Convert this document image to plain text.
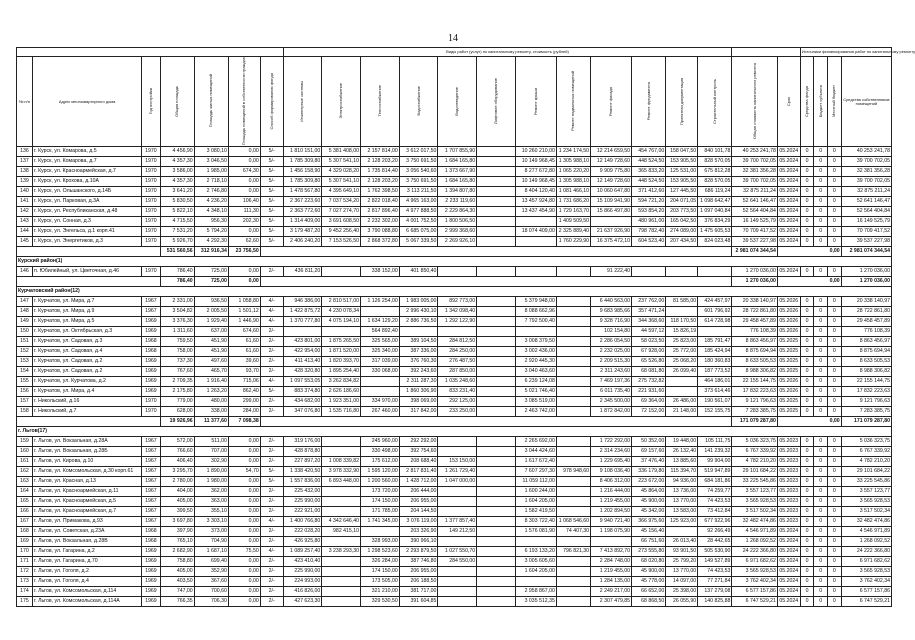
14
							Виды работ (услуг) по капитальному ремонту, стоимость (рублей)														Источники финансирования работ по капитальному ремонту			
№ п/п	Адрес многоквартирного дома	Год постройки	Общая площадь	Площадь жилых помещений	Площадь помещений в собственности граждан	Способ формирования фонда	Инженерные системы	Электроснабжение	Теплоснабжение	Водоснабжение	Водоотведение	Лифтовое оборудование	Ремонт крыши	Ремонт подвальных помещений	Ремонт фасада	Ремонт фундамента	Проектная документация	Строительный контроль	Общая стоимость капитального ремонта	Срок	Средства фонда	Бюджет субъекта	Местный бюджет	Средства собственников помещений
136	г. Курск, ул. Комарова, д.5	1970	4 456,90	3 080,10	0,00	5/-	1 810 151,00	5 381 408,00	2 157 814,00	3 612 017,50	1 707 855,90		10 260 210,00	1 234 174,50	12 214 659,50	454 767,00	158 047,50	840 101,78	40 253 241,78	05.2024	0	0	0	40 253 241,78
137	г. Курск, ул. Комарова, д.7	1970	4 357,30	3 046,50	0,00	5/-	1 785 309,80	5 307 541,10	2 128 203,20	3 750 691,50	1 684 165,80		10 149 968,45	1 305 988,10	12 149 728,60	448 524,50	153 905,50	828 570,05	39 700 702,05	05.2024	0	0	0	39 700 702,05
138	г. Курск, ул. Красноармейская, д.7	1970	3 586,00	1 985,00	674,30	5/-	1 456 158,90	4 329 028,20	1 735 814,40	3 056 540,60	1 373 667,90		8 277 672,80	1 065 220,20	9 909 775,80	365 833,20	125 531,00	675 812,28	32 381 356,28	05.2024	0	0	0	32 381 356,28
139	г. Курск, ул. Крохова, д.10А	1970	4 357,30	2 718,10	0,00	5/-	1 785 309,80	5 307 541,10	2 128 203,20	3 750 691,50	1 684 165,80		10 149 968,45	1 305 988,10	12 149 728,60	448 524,50	153 905,50	828 570,05	39 700 702,05	05.2024	0	0	0	39 700 702,05
140	г. Курск, ул. Ольшанского, д.14Б	1970	3 641,20	2 746,80	0,00	5/-	1 478 567,80	4 395 649,10	1 762 398,50	3 113 211,50	1 394 807,80		8 404 120,40	1 081 466,10	10 060 647,80	371 412,60	127 445,50	686 119,24	32 875 211,24	05.2024	0	0	0	32 875 211,24
141	г. Курск, ул. Парковая, д.3А	1970	5 830,50	4 236,20	106,40	5/-	2 367 223,60	7 037 534,20	2 822 018,40	4 965 163,00	2 233 119,60		13 457 924,80	1 731 686,20	15 109 941,90	594 721,20	204 071,05	1 098 642,47	52 641 146,47	05.2024	0	0	0	52 641 146,47
142	г. Курск, ул. Республиканская, д.48	1970	5 822,10	4 348,10	111,30	5/-	2 363 772,60	7 027 274,70	2 817 896,40	4 977 888,50	2 229 864,30		13 437 454,90	1 729 163,70	15 866 497,80	593 854,20	203 773,50	1 097 040,84	52 564 404,84	05.2024	0	0	0	52 564 404,84
143	г. Курск, ул. Сонная, д.3	1970	4 715,50	956,30	202,30	5/-	1 314 409,00	3 691 608,50	2 232 302,00	4 001 752,50	1 800 506,50			1 409 509,50		480 961,00	165 042,50	376 834,29	16 149 525,79	05.2024	0	0	0	16 149 525,79
144	г. Курск, ул. Энгельса, д.1 корп.41	1970	7 531,20	5 794,20	0,00	5/-	3 179 487,20	9 452 256,40	3 790 088,80	6 685 075,00	2 999 368,60		18 074 409,00	2 325 889,40	21 637 926,90	798 782,40	274 089,00	1 475 605,53	70 709 417,52	05.2024	0	0	0	70 709 417,52
145	г. Курск, ул. Энергетиков, д.3	1970	5 926,70	4 292,30	62,60	5/-	2 406 240,20	7 153 526,50	2 868 372,80	5 067 339,50	2 269 926,10			1 760 229,90	16 375 472,10	604 523,40	207 434,50	824 023,48	39 537 227,98	05.2024	0	0	0	39 537 227,98
			531 560,56	312 916,34	23 756,50														2 981 074 344,54	0,00				2 981 074 344,54
Курский район(1)																								
146	п. Юбилейный, ул. Цветочная, д.46	1970	786,40	725,00	0,00	2/-	436 811,20		338 152,00	401 850,40					91 222,40				1 270 036,00	05.2024	0	0	0	1 270 036,00
			786,40	725,00	0,00														1 270 036,00	0,00				1 270 036,00
Курчатовский район(12)																								
147	г. Курчатов, ул. Мира, д.7	1967	2 331,00	936,50	1 058,80	4/-	946 386,00	2 810 517,00	1 126 254,00	1 983 005,00	892 773,00		5 379 948,00		6 440 563,00	237 762,00	81 585,00	424 457,97	20 338 140,97	05.2026	0	0	0	20 338 140,97
148	г. Курчатов, ул. Мира, д.9	1967	3 504,82	2 005,50	1 501,12	4/-	1 422 875,72	4 230 078,34		2 996 430,10	1 342 098,40		8 088 662,96		9 683 985,66	357 471,24		601 796,92	28 722 861,80	05.2026	0	0	0	28 722 861,80
149	г. Курчатов, ул. Мира, д.5	1969	3 376,30	1 929,40	1 446,90	4/-	1 370 777,80	4 075 194,10	1 634 129,20	2 886 736,50	1 292 122,90		7 792 500,40		9 328 716,90	344 368,60	118 170,50	614 728,98	29 458 457,89	05.2026	0	0	0	29 458 457,89
150	г. Курчатов, ул. Октябрьская, д.3	1969	1 311,60	637,00	674,60	2/-			564 892,40						102 154,80	44 597,12	15 826,19		776 108,39	05.2026	0	0	0	776 108,39
151	г. Курчатов, ул. Садовая, д.3	1968	759,50	451,90	61,60	2/-	423 801,00	1 875 265,50	325 565,00	389 104,50	284 812,50		3 008 379,50		2 286 054,50	58 023,50	25 823,00	185 791,47	8 863 456,97	05.2025	0	0	0	8 863 456,97
152	г. Курчатов, ул. Садовая, д.4	1968	758,00	451,90	61,60	2/-	422 954,00	1 871 520,00	325 340,00	387 336,00	284 250,00		3 002 436,00		2 232 025,00	67 928,00	25 772,00	185 424,94	8 875 694,94	05.2025	0	0	0	8 875 694,94
153	г. Курчатов, ул. Садовая, д.2	1969	737,30	497,60	39,60	2/-	411 413,40	1 820 393,70	317 039,00	376 760,30	276 487,50		2 920 445,30		2 209 515,30	65 526,80	25 068,20	180 360,83	8 633 505,53	05.2025	0	0	0	8 633 505,53
154	г. Курчатов, ул. Садовая, д.2	1969	767,60	465,70	93,70	2/-	428 320,80	1 895 254,40	330 068,00	392 243,60	287 850,00		3 040 463,60		2 311 243,60	68 081,80	26 099,40	187 773,52	8 988 306,82	05.2025	0	0	0	8 988 306,82
155	г. Курчатов, ул. Курчатова, д.2	1969	2 709,35	1 916,40	715,06	4/-	1 097 553,05	3 262 834,82		2 311 287,30	1 035 248,60		6 239 124,08		7 469 197,36	275 732,82		464 186,01	22 155 144,75	05.2026	0	0	0	22 155 144,75
156	г. Курчатов, ул. Мира, д.4	1969	2 175,80	1 263,20	862,40	5/-	883 374,80	2 626 186,60		1 860 306,90	833 231,40		5 021 746,40		6 011 735,40	221 931,60		373 614,46	17 832 223,63	05.2026	0	0	0	17 832 223,63
157	г. Никольский, д.16	1970	779,00	480,00	299,00	2/-	434 682,00	1 923 351,00	334 970,00	398 069,00	292 125,00		3 085 519,00		2 345 500,00	69 364,00	26 486,00	190 561,07	9 121 796,63	05.2025	0	0	0	9 121 796,63
158	г. Никольский, д.7	1970	628,00	338,00	284,00	2/-	347 076,80	1 535 716,80	267 460,00	317 842,00	233 250,00		2 463 742,00		1 872 842,00	72 152,00	21 148,00	152 155,75	7 283 385,75	05.2025	0	0	0	7 283 385,75
			19 926,96	11 377,60	7 098,38														171 079 287,80	0,00				171 079 287,80
г. Льгов(17)																								
159	г. Льгов, ул. Вокзальная, д.28А	1967	572,00	511,00	0,00	2/-	319 176,00		245 960,00	292 292,00			2 265 692,00		1 722 292,00	50 352,00	19 448,00	105 111,75	5 036 323,75	05.2023	0	0	0	5 036 323,75
160	г. Льгов, ул. Вокзальная, д.28Б	1967	766,60	707,00	0,00	2/-	428 878,80		330 498,00	392 754,60			3 044 424,60		2 314 234,60	69 157,60	26 132,40	141 239,32	6 767 339,92	05.2023	0	0	0	6 767 339,92
161	г. Льгов, ул. Кирова, д.10	1967	406,40	302,90	0,00	2/-	227 897,20	1 008 339,82	175 612,00	208 688,40	153 150,00		1 617 672,40		1 229 695,40	37 476,40	13 885,60	99 904,00	4 782 210,20	05.2023	0	0	0	4 782 210,20
162	г. Льгов, ул. Комсомольская, д.30 корп.61	1967	3 295,70	1 890,00	54,70	5/-	1 338 420,50	3 978 332,90	1 595 120,00	2 817 831,40	1 261 729,40		7 607 297,30	978 948,60	9 108 036,40	336 179,80	115 394,70	519 947,89	29 101 684,22	05.2023	0	0	0	29 101 684,22
163	г. Льгов, ул. Красная, д.13	1967	2 780,00	1 980,00	0,00	5/-	1 557 836,00	6 893 448,00	1 200 560,00	1 428 712,00	1 047 000,00		11 059 112,00		8 406 312,00	223 672,00	94 936,00	684 181,86	33 225 545,86	05.2023	0	0	0	33 225 545,86
164	г. Льгов, ул. Красноармейская, д.11	1967	404,00	362,00	0,00	2/-	225 432,00		173 720,00	206 444,00			1 600 244,00		1 216 444,00	45 864,00	13 736,00	74 259,77	3 557 123,77	05.2023	0	0	0	3 557 123,77
165	г. Льгов, ул. Красноармейская, д.5	1967	405,00	363,00	0,00	2/-	225 990,00		174 150,00	206 955,00			1 604 205,00		1 219 455,00	45 900,00	13 770,00	74 423,53	3 565 928,53	05.2023	0	0	0	3 565 928,53
166	г. Льгов, ул. Красноармейская, д.7	1967	399,50	355,10	0,00	2/-	222 921,00		171 785,00	204 144,50			1 582 419,50		1 202 894,50	45 342,00	13 583,00	73 412,84	3 517 502,34	05.2023	0	0	0	3 517 502,34
167	г. Льгов, ул. Примакова, д.93	1967	3 697,80	3 303,10	0,00	4/-	1 400 766,80	4 342 646,40	1 741 345,00	3 076 119,00	1 377 857,40		8 303 722,40	1 068 546,60	9 940 721,40	366 975,60	125 923,00	677 922,96	32 482 474,86	05.2023	0	0	0	32 482 474,86
168	г. Льгов, ул. Советская, д.23А	1968	397,90	373,00	0,00	2/-	222 028,20	982 415,10		203 326,90	149 212,50		1 576 081,90	74 407,30	1 198 075,90	45 156,40		92 266,49	4 546 971,89	05.2024	0	0	0	4 546 971,89
169	г. Льгов, ул. Вокзальная, д.28В	1968	765,10	704,90	0,00	2/-	426 925,80		328 993,00	390 966,10						66 751,60	26 013,40	28 442,65	1 268 092,52	05.2024	0	0	0	1 268 092,52
170	г. Льгов, ул. Гагарина, д.2	1969	2 682,90	1 687,10	75,50	4/-	1 089 257,40	3 238 293,30	1 298 523,60	2 293 879,50	1 027 550,70		6 193 133,20	796 821,30	7 413 892,70	273 555,80	93 901,50	505 530,90	24 222 366,80	05.2024	0	0	0	24 222 366,80
171	г. Льгов, ул. Гагарина, д.70	1969	758,80	699,40	0,00	2/-	423 410,40		326 284,00	387 746,80	284 550,00		3 005 605,60		2 284 748,00	68 020,80	25 799,20	149 527,89	6 971 682,62	05.2024	0	0	0	6 971 682,62
172	г. Льгов, ул. Гоголя, д.2	1969	405,00	352,90	0,00	2/-	225 990,00		174 150,00	206 955,00			1 604 205,00		1 219 455,00	45 900,00	13 770,00	74 423,53	3 565 928,53	05.2024	0	0	0	3 565 928,53
173	г. Льгов, ул. Гоголя, д.4	1969	403,50	367,60	0,00	2/-	224 993,00		173 505,00	206 188,50					1 284 135,00	45 778,00	14 097,00	77 271,84	3 762 402,34	05.2024	0	0	0	3 762 402,34
174	г. Льгов, ул. Комсомольская, д.114	1969	747,00	700,60	0,00	2/-	416 826,00		321 210,00	381 717,00			2 958 867,00		2 249 217,00	66 652,00	25 398,00	137 279,08	6 577 157,86	05.2024	0	0	0	6 577 157,86
175	г. Льгов, ул. Комсомольская, д.114А	1969	766,35	706,30	0,00	2/-	427 623,30		329 530,50	391 604,85			3 035 512,35		2 307 479,85	68 868,50	26 055,90	140 825,88	6 747 529,21	05.2024	0	0	0	6 747 529,21
